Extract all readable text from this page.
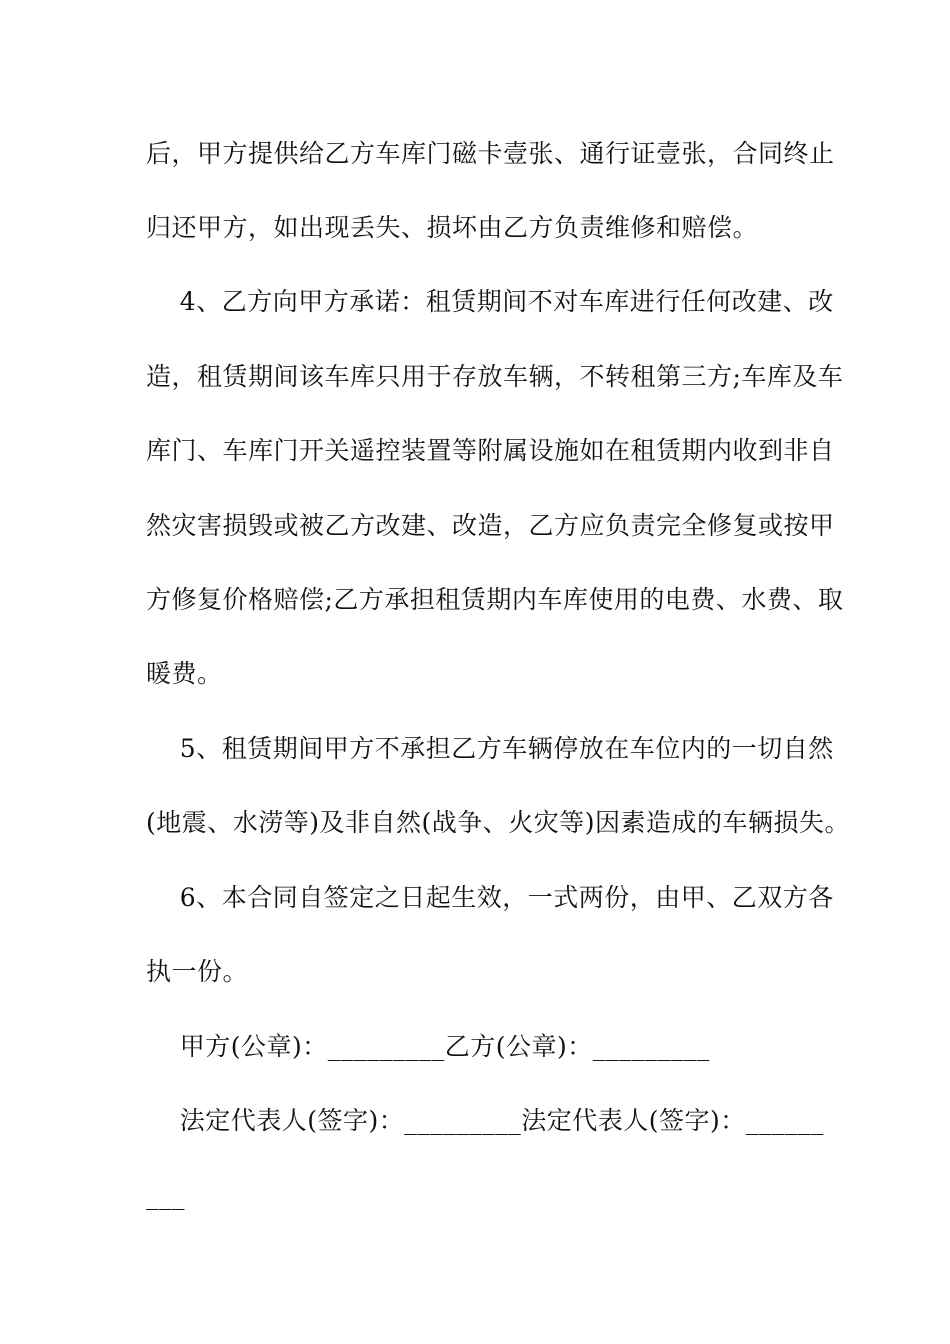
后，甲方提供给乙方车库门磁卡壹张、通行证壹张，合同终止
归还甲方，如出现丢失、损坏由乙方负责维修和赔偿。
4、乙方向甲方承诺：租赁期间不对车库进行任何改建、改
造，租赁期间该车库只用于存放车辆，不转租第三方;车库及车
库门、车库门开关遥控装置等附属设施如在租赁期内收到非自
然灾害损毁或被乙方改建、改造，乙方应负责完全修复或按甲
方修复价格赔偿;乙方承担租赁期内车库使用的电费、水费、取
暖费。
5、租赁期间甲方不承担乙方车辆停放在车位内的一切自然
(地震、水涝等)及非自然(战争、火灾等)因素造成的车辆损失。
6、本合同自签定之日起生效，一式两份，由甲、乙双方各
执一份。
甲方(公章)：_________乙方(公章)：_________
法定代表人(签字)：_________法定代表人(签字)：______
___
